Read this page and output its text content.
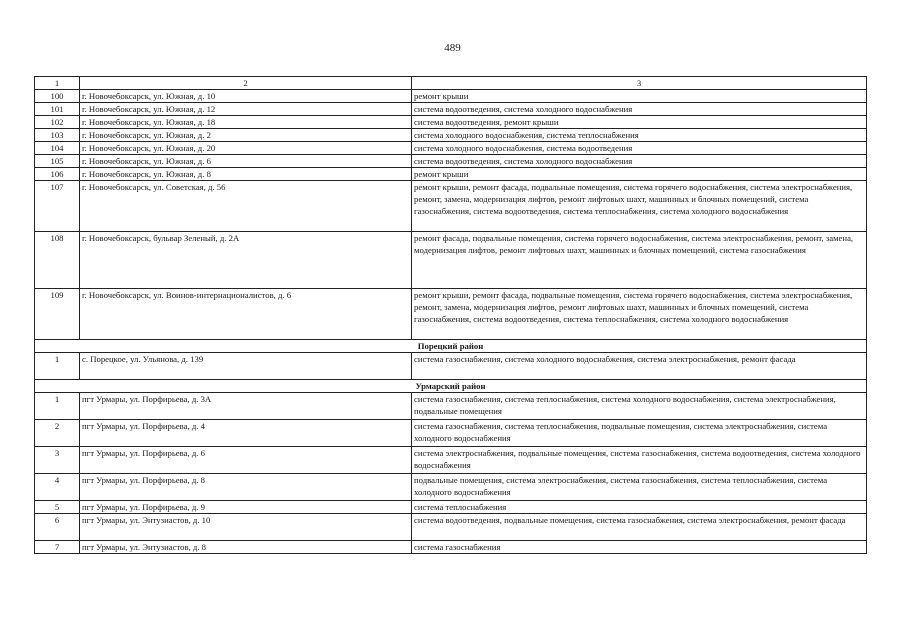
489
1	2	3
100	г. Новочебоксарск, ул. Южная, д. 10	ремонт крыши
101	г. Новочебоксарск, ул. Южная, д. 12	система водоотведения, система холодного водоснабжения
102	г. Новочебоксарск, ул. Южная, д. 18	система водоотведения, ремонт крыши
103	г. Новочебоксарск, ул. Южная, д. 2	система холодного водоснабжения, система теплоснабжения
104	г. Новочебоксарск, ул. Южная, д. 20	система холодного водоснабжения, система водоотведения
105	г. Новочебоксарск, ул. Южная, д. 6	система водоотведения, система холодного водоснабжения
106	г. Новочебоксарск, ул. Южная, д. 8	ремонт крыши
107	г. Новочебоксарск, ул. Советская, д. 56	ремонт крыши, ремонт фасада, подвальные помещения, система горячего водоснабжения, система электроснабжения, ремонт, замена, модернизация лифтов, ремонт лифтовых шахт, машинных и блочных помещений, система газоснабжения, система водоотведения, система теплоснабжения, система холодного водоснабжения
108	г. Новочебоксарск, бульвар Зеленый, д. 2А	ремонт фасада, подвальные помещения, система горячего водоснабжения, система электроснабжения, ремонт, замена, модернизация лифтов, ремонт лифтовых шахт, машинных и блочных помещений, система газоснабжения
109	г. Новочебоксарск, ул. Воинов-интернационалистов, д. 6	ремонт крыши, ремонт фасада, подвальные помещения, система горячего водоснабжения, система электроснабжения, ремонт, замена, модернизация лифтов, ремонт лифтовых шахт, машинных и блочных помещений, система газоснабжения, система водоотведения, система теплоснабжения, система холодного водоснабжения
Порецкий район		
1	с. Порецкое, ул. Ульянова, д. 139	система газоснабжения, система холодного водоснабжения, система электроснабжения, ремонт фасада
Урмарский район		
1	пгт Урмары, ул. Порфирьева, д. 3А	система газоснабжения, система теплоснабжения, система холодного водоснабжения, система электроснабжения, подвальные помещения
2	пгт Урмары, ул. Порфирьева, д. 4	система газоснабжения, система теплоснабжения, подвальные помещения, система электроснабжения, система холодного водоснабжения
3	пгт Урмары, ул. Порфирьева, д. 6	система электроснабжения, подвальные помещения, система газоснабжения, система водоотведения, система холодного водоснабжения
4	пгт Урмары, ул. Порфирьева, д. 8	подвальные помещения, система электроснабжения, система газоснабжения, система теплоснабжения, система холодного водоснабжения
5	пгт Урмары, ул. Порфирьева, д. 9	система теплоснабжения
6	пгт Урмары, ул. Энтузиастов, д. 10	система водоотведения, подвальные помещения, система газоснабжения, система электроснабжения, ремонт фасада
7	пгт Урмары, ул. Энтузиастов, д. 8	система газоснабжения
